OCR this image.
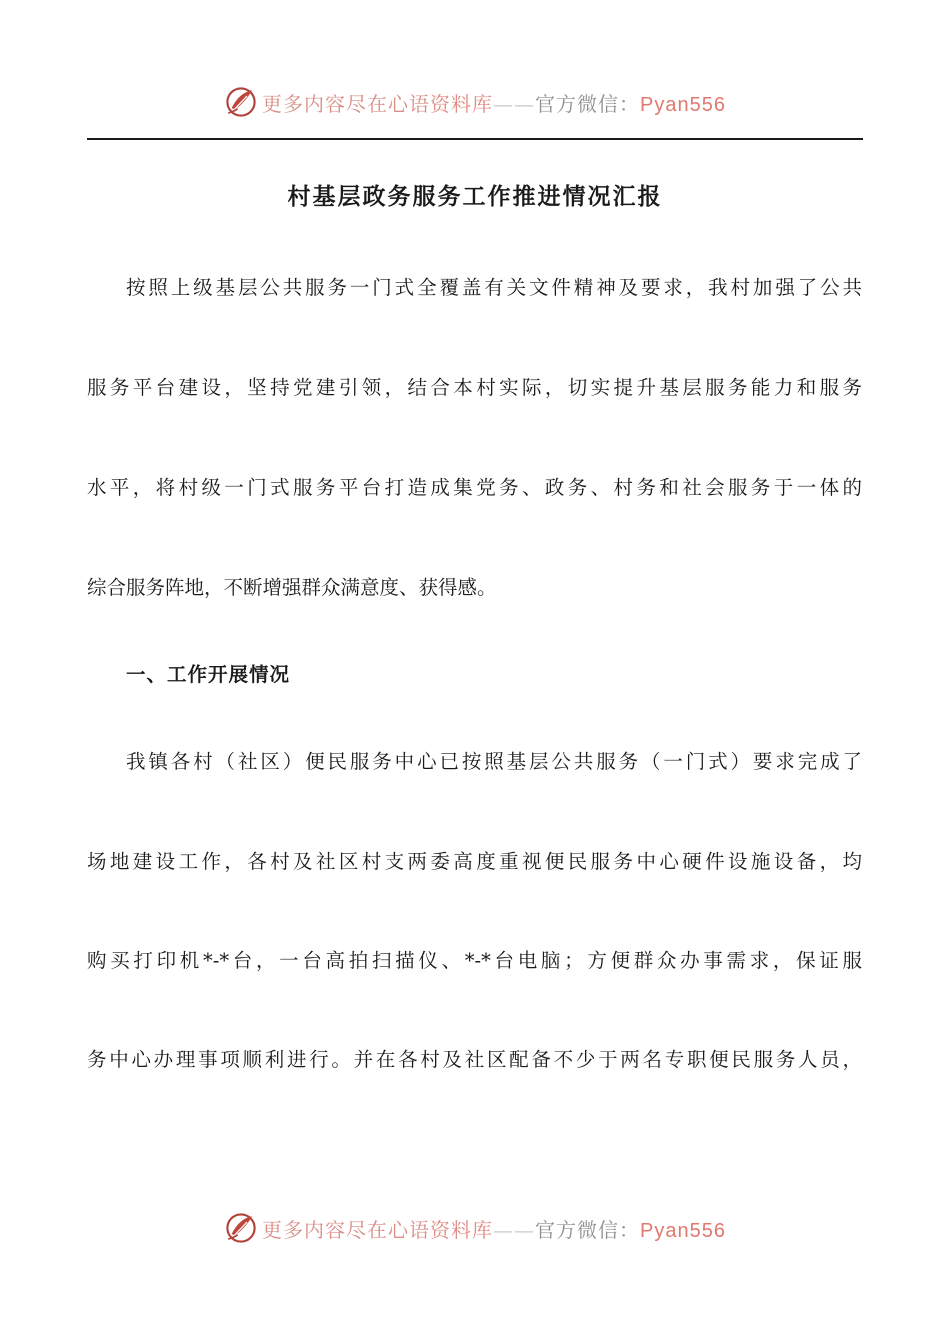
更多内容尽在心语资料库——官方微信：Pyan556
村基层政务服务工作推进情况汇报
按照上级基层公共服务一门式全覆盖有关文件精神及要求，我村加强了公共
服务平台建设，坚持党建引领，结合本村实际，切实提升基层服务能力和服务
水平，将村级一门式服务平台打造成集党务、政务、村务和社会服务于一体的
综合服务阵地，不断增强群众满意度、获得感。
一、工作开展情况
我镇各村（社区）便民服务中心已按照基层公共服务（一门式）要求完成了
场地建设工作，各村及社区村支两委高度重视便民服务中心硬件设施设备，均
购买打印机*-*台，一台高拍扫描仪、*-*台电脑；方便群众办事需求，保证服
务中心办理事项顺利进行。并在各村及社区配备不少于两名专职便民服务人员，
更多内容尽在心语资料库——官方微信：Pyan556
